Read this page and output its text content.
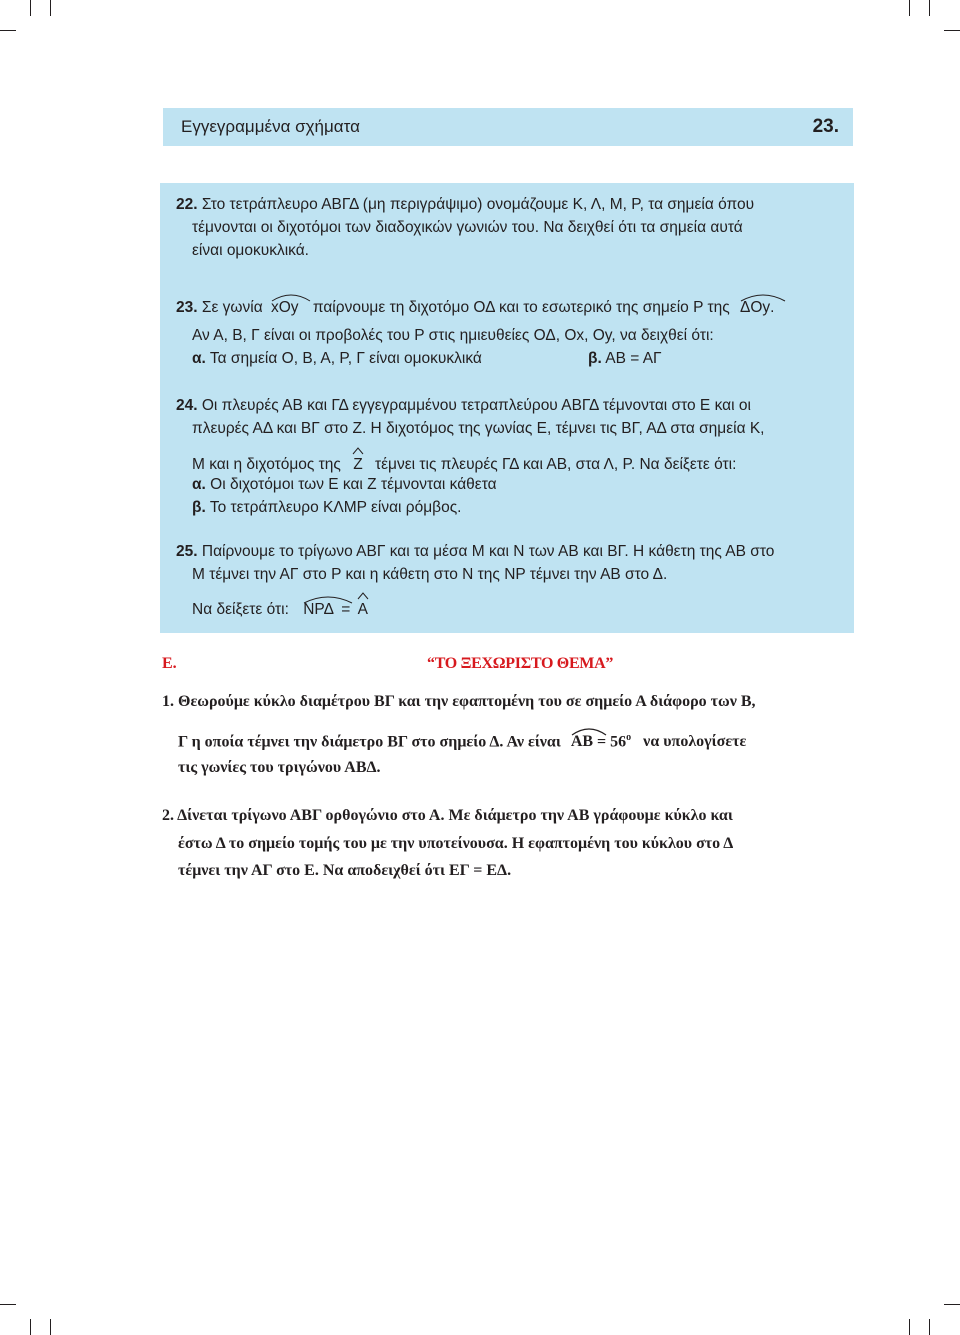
Εγγεγραμμένα σχήματα	23.
22. Στο τετράπλευρο ΑΒΓΔ (μη περιγράψιμο) ονομάζουμε Κ, Λ, Μ, Ρ, τα σημεία όπου
τέμνονται οι διχοτόμοι των διαδοχικών γωνιών του. Να δειχθεί ότι τα σημεία αυτά
είναι ομοκυκλικά.
23. Σε γωνία xOy παίρνουμε τη διχοτόμο ΟΔ και το εσωτερικό της σημείο Ρ της ΔOy.
Αν Α, Β, Γ είναι οι προβολές του Ρ στις ημιευθείες ΟΔ, Οx, Οy, να δειχθεί ότι:
α. Τα σημεία Ο, Β, Α, Ρ, Γ είναι ομοκυκλικά	β. ΑΒ = ΑΓ
24. Οι πλευρές ΑΒ και ΓΔ εγγεγραμμένου τετραπλεύρου ΑΒΓΔ τέμνονται στο Ε και οι
πλευρές ΑΔ και ΒΓ στο Ζ. Η διχοτόμος της γωνίας Ε, τέμνει τις ΒΓ, ΑΔ στα σημεία Κ,
Μ και η διχοτόμος της Ζ τέμνει τις πλευρές ΓΔ και ΑΒ, στα Λ, Ρ. Να δείξετε ότι:
α. Οι διχοτόμοι των Ε και Ζ τέμνονται κάθετα
β. Το τετράπλευρο ΚΛΜΡ είναι ρόμβος.
25. Παίρνουμε το τρίγωνο ΑΒΓ και τα μέσα Μ και Ν των ΑΒ και ΒΓ. Η κάθετη της ΑΒ στο
Μ τέμνει την ΑΓ στο Ρ και η κάθετη στο Ν της ΝΡ τέμνει την ΑΒ στο Δ.
Να δείξετε ότι: ΝΡΔ = Α
Ε.	“ΤΟ ΞΕΧΩΡΙΣΤΟ ΘΕΜΑ”
1. Θεωρούμε κύκλο διαμέτρου ΒΓ και την εφαπτομένη του σε σημείο Α διάφορο των Β,
Γ η οποία τέμνει την διάμετρο ΒΓ στο σημείο Δ. Αν είναι $AB = 56^o$ να υπολογίσετε
τις γωνίες του τριγώνου ΑΒΔ.
2. Δίνεται τρίγωνο ΑΒΓ ορθογώνιο στο Α. Με διάμετρο την ΑΒ γράφουμε κύκλο και
έστω Δ το σημείο τομής του με την υποτείνουσα. Η εφαπτομένη του κύκλου στο Δ
τέμνει την ΑΓ στο Ε. Να αποδειχθεί ότι ΕΓ = ΕΔ.
